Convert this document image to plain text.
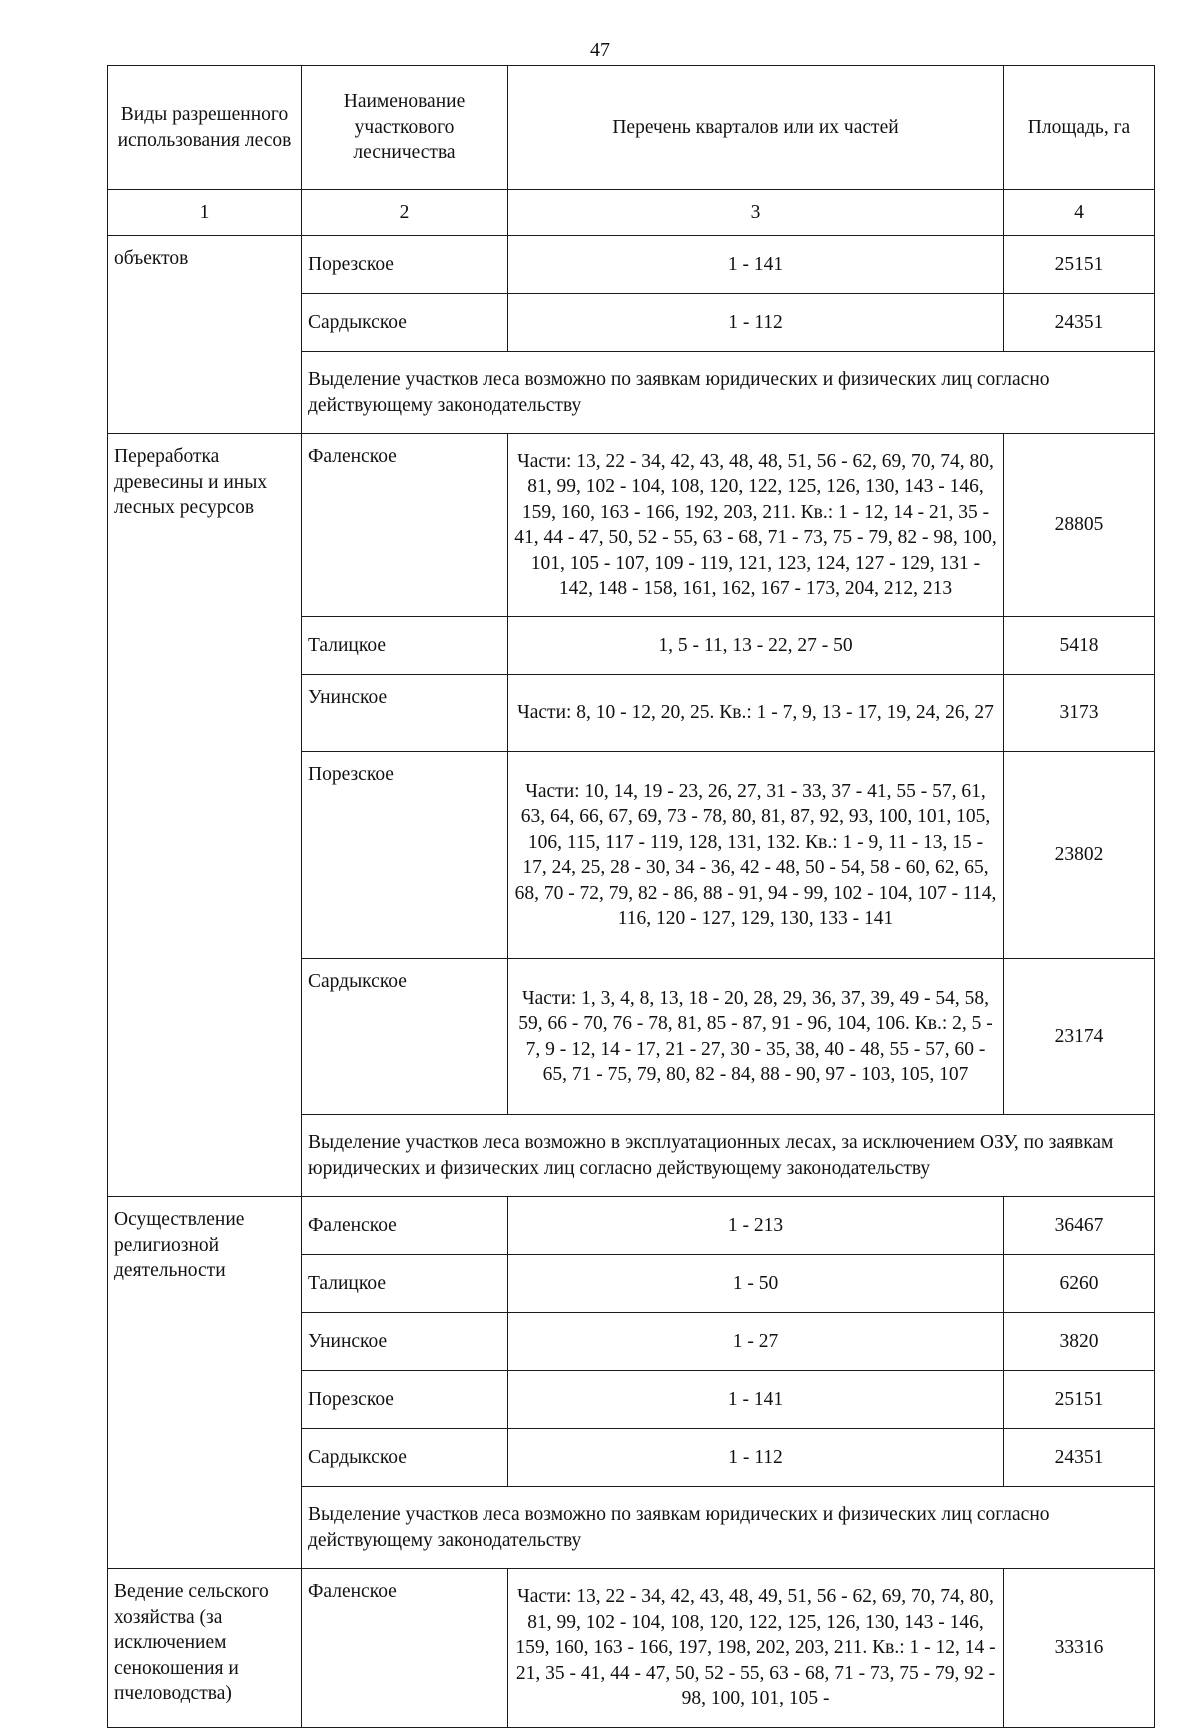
47
Виды разрешенного использования лесов	Наименование участкового лесничества	Перечень кварталов или их частей	Площадь, га
1	2	3	4
объектов	Порезское	1 - 141	25151
	Сардыкское	1 - 112	24351
	Выделение участков леса возможно по заявкам юридических и физических лиц согласно действующему законодательству		
Переработка древесины и иных лесных ресурсов	Фаленское	Части: 13, 22 - 34, 42, 43, 48, 48, 51, 56 - 62, 69, 70, 74, 80, 81, 99, 102 - 104, 108, 120, 122, 125, 126, 130, 143 - 146, 159, 160, 163 - 166, 192, 203, 211. Кв.: 1 - 12, 14 - 21, 35 - 41, 44 - 47, 50, 52 - 55, 63 - 68, 71 - 73, 75 - 79, 82 - 98, 100, 101, 105 - 107, 109 - 119, 121, 123, 124, 127 - 129, 131 - 142, 148 - 158, 161, 162, 167 - 173, 204, 212, 213	28805
	Талицкое	1, 5 - 11, 13 - 22, 27 - 50	5418
	Унинское	Части: 8, 10 - 12, 20, 25. Кв.: 1 - 7, 9, 13 - 17, 19, 24, 26, 27	3173
	Порезское	Части: 10, 14, 19 - 23, 26, 27, 31 - 33, 37 - 41, 55 - 57, 61, 63, 64, 66, 67, 69, 73 - 78, 80, 81, 87, 92, 93, 100, 101, 105, 106, 115, 117 - 119, 128, 131, 132. Кв.: 1 - 9, 11 - 13, 15 - 17, 24, 25, 28 - 30, 34 - 36, 42 - 48, 50 - 54, 58 - 60, 62, 65, 68, 70 - 72, 79, 82 - 86, 88 - 91, 94 - 99, 102 - 104, 107 - 114, 116, 120 - 127, 129, 130, 133 - 141	23802
	Сардыкское	Части: 1, 3, 4, 8, 13, 18 - 20, 28, 29, 36, 37, 39, 49 - 54, 58, 59, 66 - 70, 76 - 78, 81, 85 - 87, 91 - 96, 104, 106. Кв.: 2, 5 - 7, 9 - 12, 14 - 17, 21 - 27, 30 - 35, 38, 40 - 48, 55 - 57, 60 - 65, 71 - 75, 79, 80, 82 - 84, 88 - 90, 97 - 103, 105, 107	23174
	Выделение участков леса возможно в эксплуатационных лесах, за исключением ОЗУ, по заявкам юридических и физических лиц согласно действующему законодательству		
Осуществление религиозной деятельности	Фаленское	1 - 213	36467
	Талицкое	1 - 50	6260
	Унинское	1 - 27	3820
	Порезское	1 - 141	25151
	Сардыкское	1 - 112	24351
	Выделение участков леса возможно по заявкам юридических и физических лиц согласно действующему законодательству		
Ведение сельского хозяйства (за исключением сенокошения и пчеловодства)	Фаленское	Части: 13, 22 - 34, 42, 43, 48, 49, 51, 56 - 62, 69, 70, 74, 80, 81, 99, 102 - 104, 108, 120, 122, 125, 126, 130, 143 - 146, 159, 160, 163 - 166, 197, 198, 202, 203, 211. Кв.: 1 - 12, 14 - 21, 35 - 41, 44 - 47, 50, 52 - 55, 63 - 68, 71 - 73, 75 - 79, 92 - 98, 100, 101, 105 -	33316
